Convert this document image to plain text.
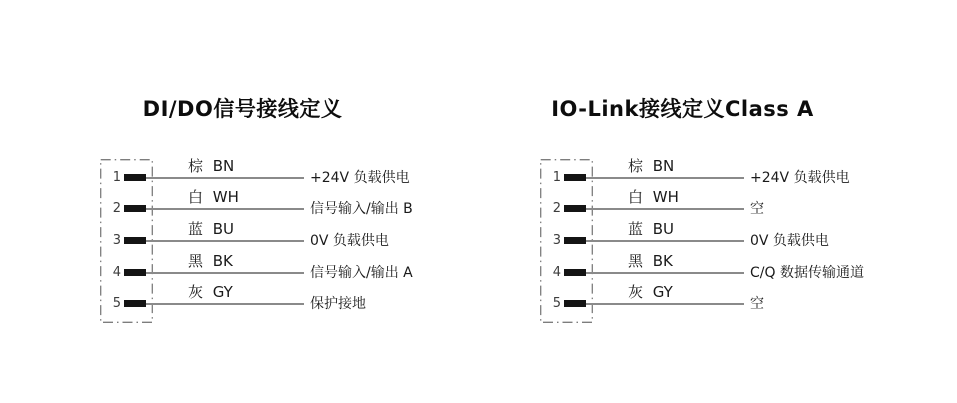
DI/DO信号接线定义	IO-Link接线定义Class A
1
棕 BN
+24V 负载供电
2
白 WH
信号输入/输出 B
3
蓝 BU
0V 负载供电
4
黑 BK
信号输入/输出 A
5
灰 GY
保护接地
1
棕 BN
+24V 负载供电
2
白 WH
空
3
蓝 BU
0V 负载供电
4
黑 BK
C/Q 数据传输通道
5
灰 GY
空
